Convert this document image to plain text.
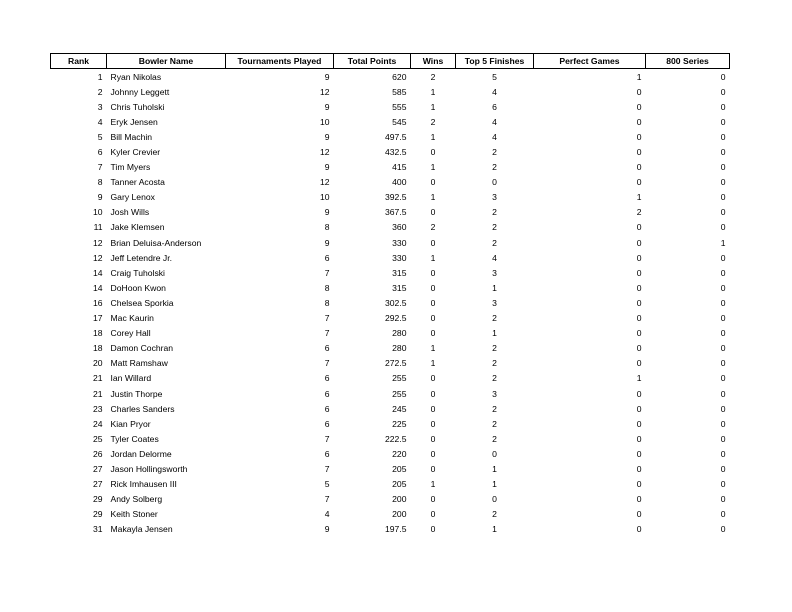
Rank	Bowler Name	Tournaments Played	Total Points	Wins	Top 5 Finishes	Perfect Games	800 Series
1	Ryan Nikolas	9	620	2	5	1	0
2	Johnny Leggett	12	585	1	4	0	0
3	Chris Tuholski	9	555	1	6	0	0
4	Eryk Jensen	10	545	2	4	0	0
5	Bill Machin	9	497.5	1	4	0	0
6	Kyler Crevier	12	432.5	0	2	0	0
7	Tim Myers	9	415	1	2	0	0
8	Tanner Acosta	12	400	0	0	0	0
9	Gary Lenox	10	392.5	1	3	1	0
10	Josh Wills	9	367.5	0	2	2	0
11	Jake Klemsen	8	360	2	2	0	0
12	Brian Deluisa-Anderson	9	330	0	2	0	1
12	Jeff Letendre Jr.	6	330	1	4	0	0
14	Craig Tuholski	7	315	0	3	0	0
14	DoHoon Kwon	8	315	0	1	0	0
16	Chelsea Sporkia	8	302.5	0	3	0	0
17	Mac Kaurin	7	292.5	0	2	0	0
18	Corey Hall	7	280	0	1	0	0
18	Damon Cochran	6	280	1	2	0	0
20	Matt Ramshaw	7	272.5	1	2	0	0
21	Ian Willard	6	255	0	2	1	0
21	Justin Thorpe	6	255	0	3	0	0
23	Charles Sanders	6	245	0	2	0	0
24	Kian Pryor	6	225	0	2	0	0
25	Tyler Coates	7	222.5	0	2	0	0
26	Jordan Delorme	6	220	0	0	0	0
27	Jason Hollingsworth	7	205	0	1	0	0
27	Rick Imhausen III	5	205	1	1	0	0
29	Andy Solberg	7	200	0	0	0	0
29	Keith Stoner	4	200	0	2	0	0
31	Makayla Jensen	9	197.5	0	1	0	0
